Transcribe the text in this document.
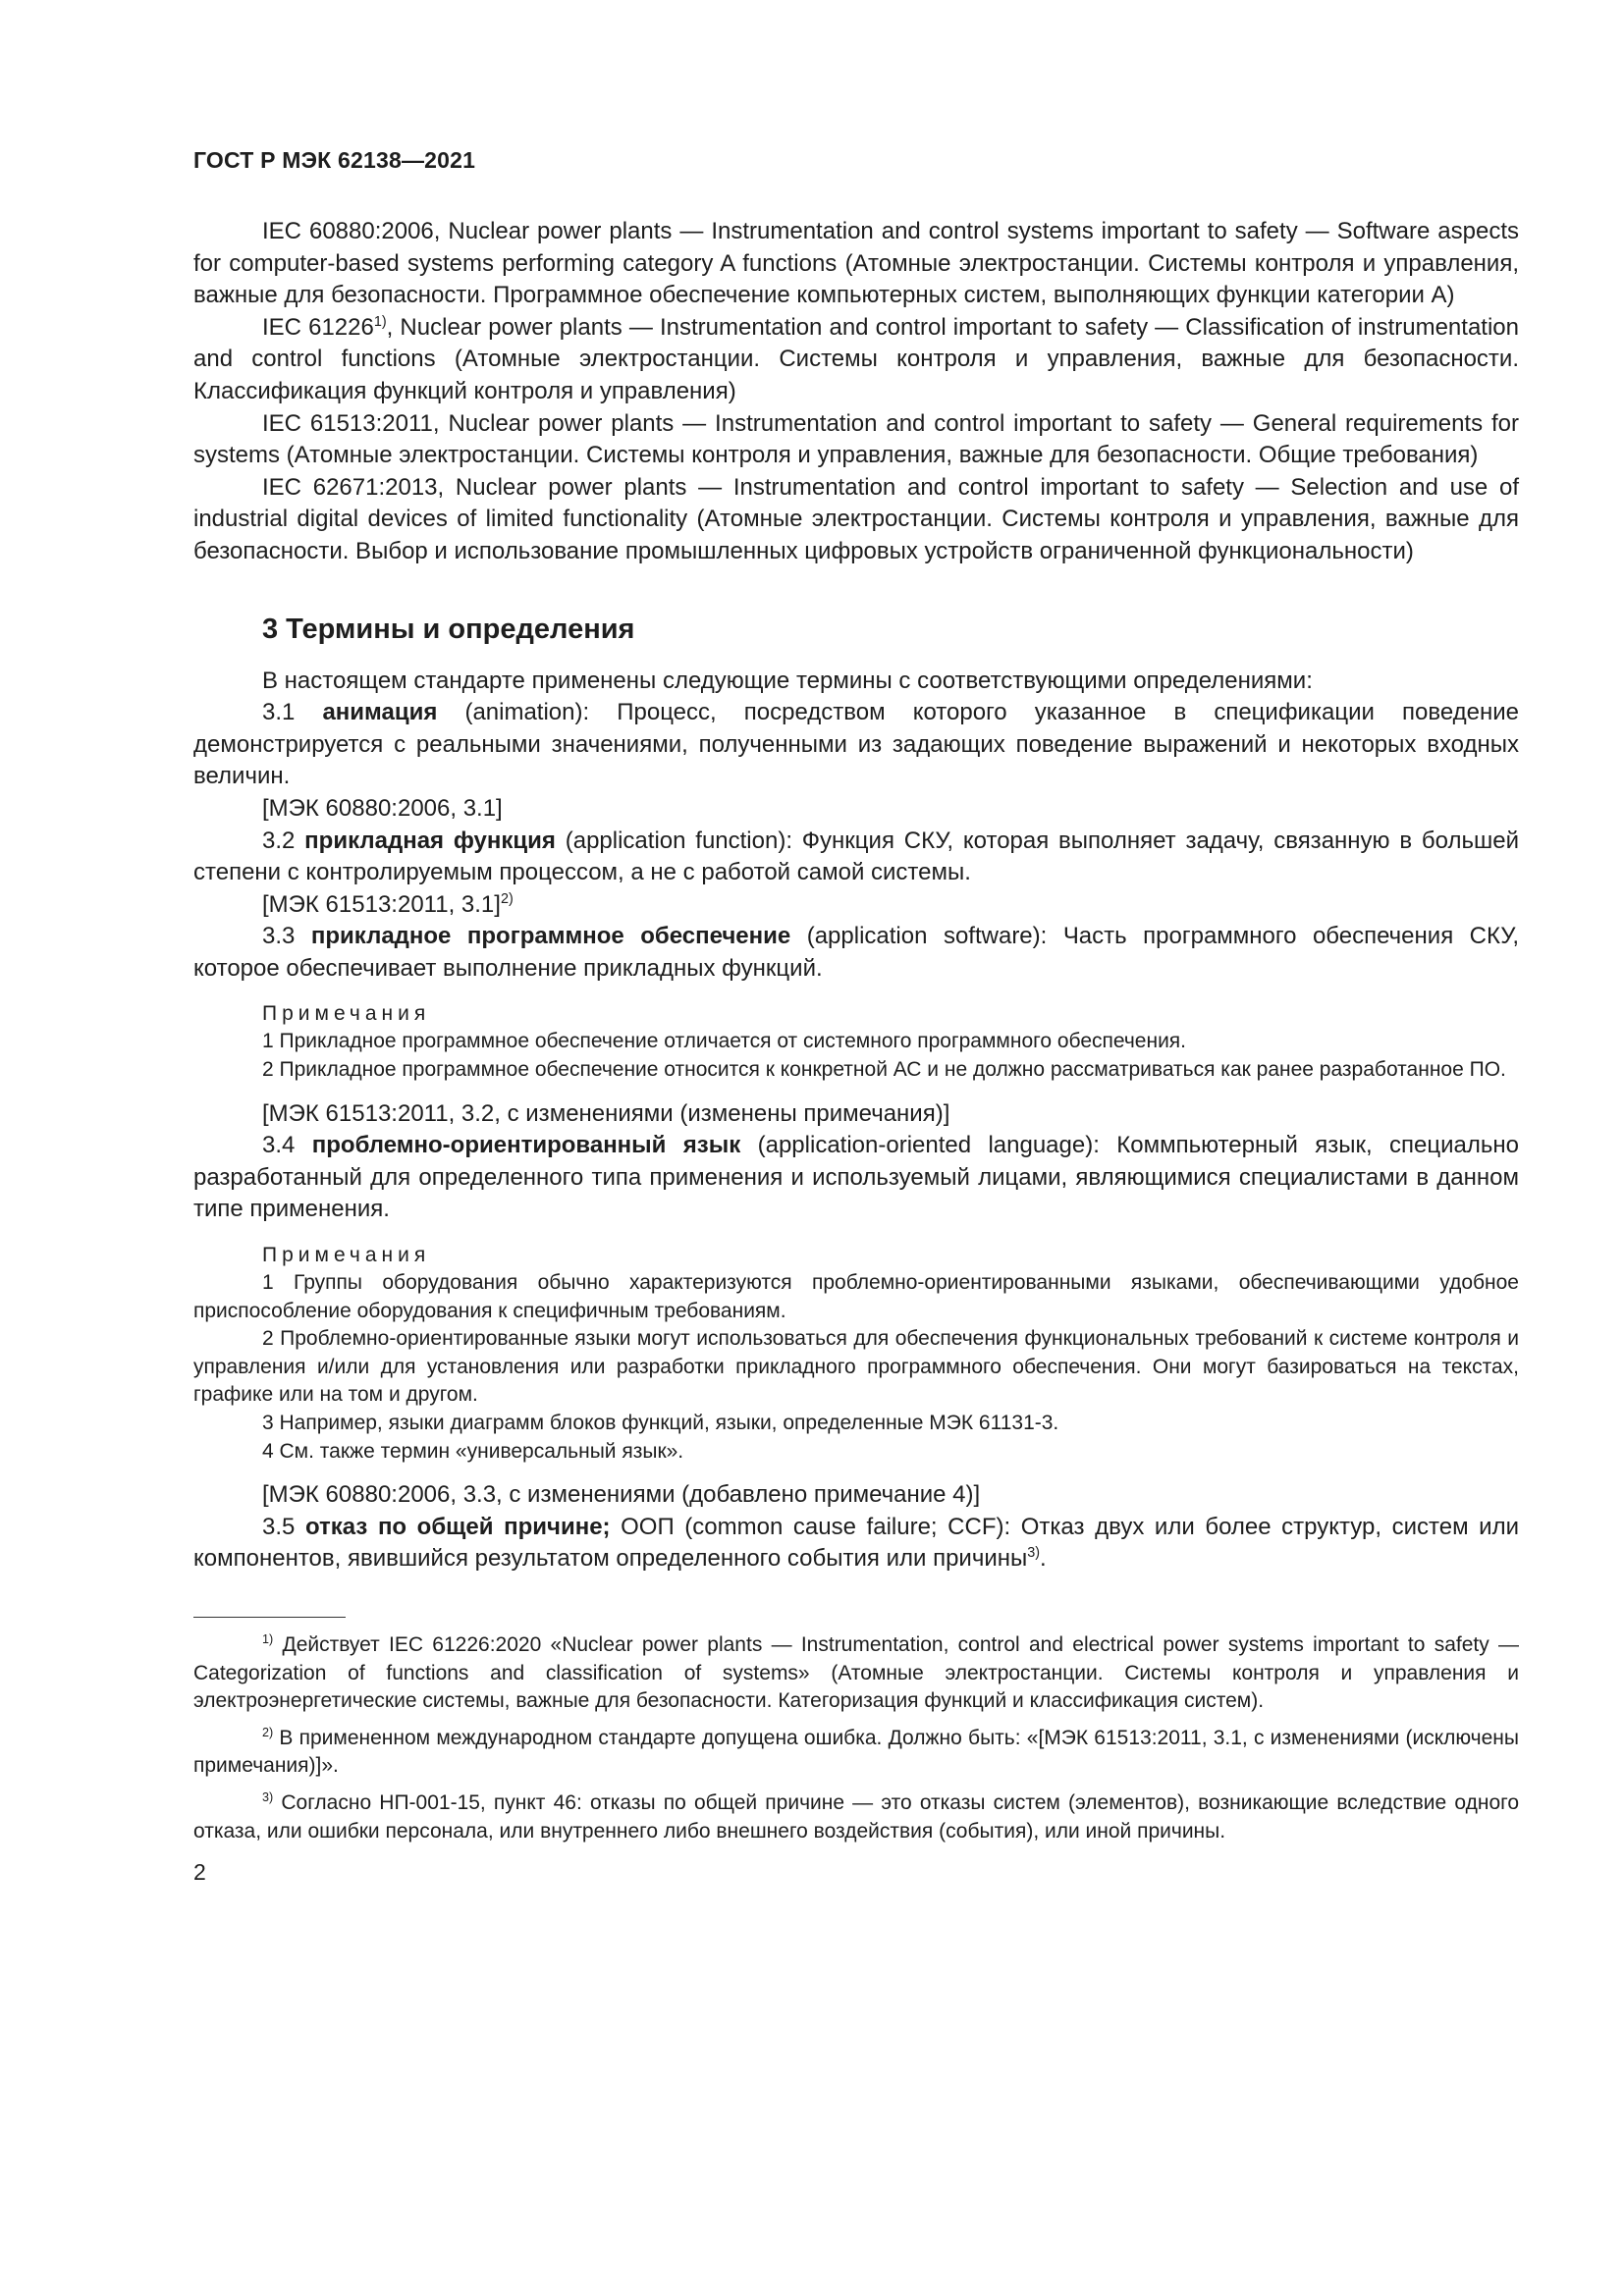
ГОСТ Р МЭК 62138—2021

IEC 60880:2006, Nuclear power plants — Instrumentation and control systems important to safety — Software aspects for computer-based systems performing category A functions (Атомные электростанции. Системы контроля и управления, важные для безопасности. Программное обеспечение компьютерных систем, выполняющих функции категории А)

IEC 61226$^{1)}$, Nuclear power plants — Instrumentation and control important to safety — Classification of instrumentation and control functions (Атомные электростанции. Системы контроля и управления, важные для безопасности. Классификация функций контроля и управления)

IEC 61513:2011, Nuclear power plants — Instrumentation and control important to safety — General requirements for systems (Атомные электростанции. Системы контроля и управления, важные для безопасности. Общие требования)

IEC 62671:2013, Nuclear power plants — Instrumentation and control important to safety — Selection and use of industrial digital devices of limited functionality (Атомные электростанции. Системы контроля и управления, важные для безопасности. Выбор и использование промышленных цифровых устройств ограниченной функциональности)

3 Термины и определения

В настоящем стандарте применены следующие термины с соответствующими определениями:

3.1 анимация (animation): Процесс, посредством которого указанное в спецификации поведение демонстрируется с реальными значениями, полученными из задающих поведение выражений и некоторых входных величин.

[МЭК 60880:2006, 3.1]

3.2 прикладная функция (application function): Функция СКУ, которая выполняет задачу, связанную в большей степени с контролируемым процессом, а не с работой самой системы.

[МЭК 61513:2011, 3.1]$^{2)}$

3.3 прикладное программное обеспечение (application software): Часть программного обеспечения СКУ, которое обеспечивает выполнение прикладных функций.

Примечания

1 Прикладное программное обеспечение отличается от системного программного обеспечения.

2 Прикладное программное обеспечение относится к конкретной АС и не должно рассматриваться как ранее разработанное ПО.

[МЭК 61513:2011, 3.2, с изменениями (изменены примечания)]

3.4 проблемно-ориентированный язык (application-oriented language): Коммпьютерный язык, специально разработанный для определенного типа применения и используемый лицами, являющимися специалистами в данном типе применения.

Примечания

1 Группы оборудования обычно характеризуются проблемно-ориентированными языками, обеспечивающими удобное приспособление оборудования к специфичным требованиям.

2 Проблемно-ориентированные языки могут использоваться для обеспечения функциональных требований к системе контроля и управления и/или для установления или разработки прикладного программного обеспечения. Они могут базироваться на текстах, графике или на том и другом.

3 Например, языки диаграмм блоков функций, языки, определенные МЭК 61131-3.

4 См. также термин «универсальный язык».

[МЭК 60880:2006, 3.3, с изменениями (добавлено примечание 4)]

3.5 отказ по общей причине; ООП (common cause failure; CCF): Отказ двух или более структур, систем или компонентов, явившийся результатом определенного события или причины$^{3)}$.

$^{1)}$ Действует IEC 61226:2020 «Nuclear power plants — Instrumentation, control and electrical power systems important to safety — Categorization of functions and classification of systems» (Атомные электростанции. Системы контроля и управления и электроэнергетические системы, важные для безопасности. Категоризация функций и классификация систем).

$^{2)}$ В примененном международном стандарте допущена ошибка. Должно быть: «[МЭК 61513:2011, 3.1, с изменениями (исключены примечания)]».

$^{3)}$ Согласно НП-001-15, пункт 46: отказы по общей причине — это отказы систем (элементов), возникающие вследствие одного отказа, или ошибки персонала, или внутреннего либо внешнего воздействия (события), или иной причины.

2
